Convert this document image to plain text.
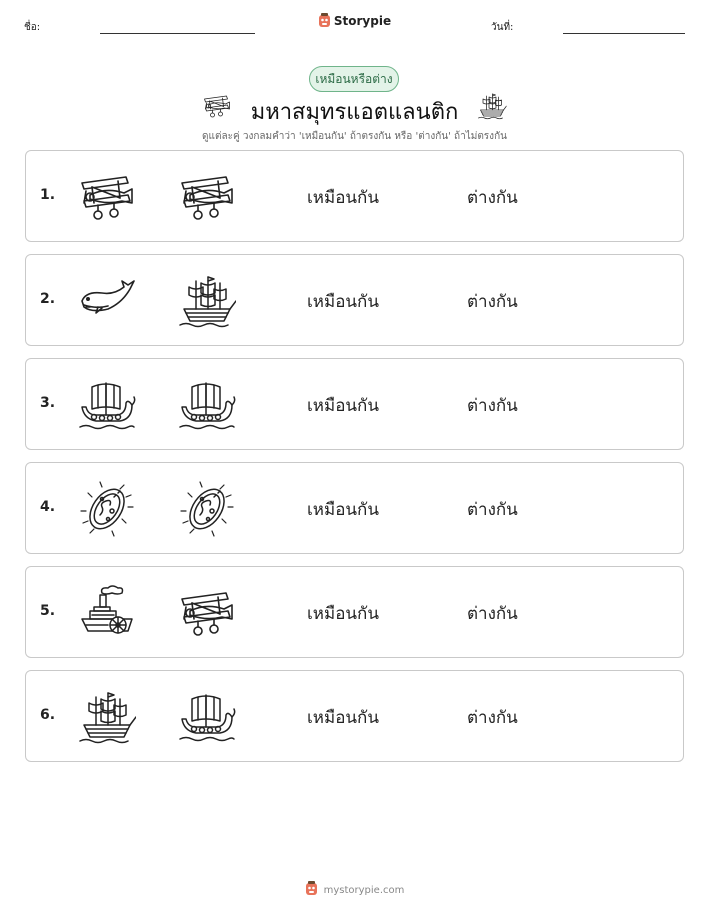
ชื่อ:	Storypie	วันที่:
เหมือนหรือต่าง
มหาสมุทรแอตแลนติก
ดูแต่ละคู่ วงกลมคำว่า 'เหมือนกัน' ถ้าตรงกัน หรือ 'ต่างกัน' ถ้าไม่ตรงกัน
1.	เหมือนกัน	ต่างกัน
2.	เหมือนกัน	ต่างกัน
3.	เหมือนกัน	ต่างกัน
4.	เหมือนกัน	ต่างกัน
5.	เหมือนกัน	ต่างกัน
6.	เหมือนกัน	ต่างกัน
mystorypie.com
